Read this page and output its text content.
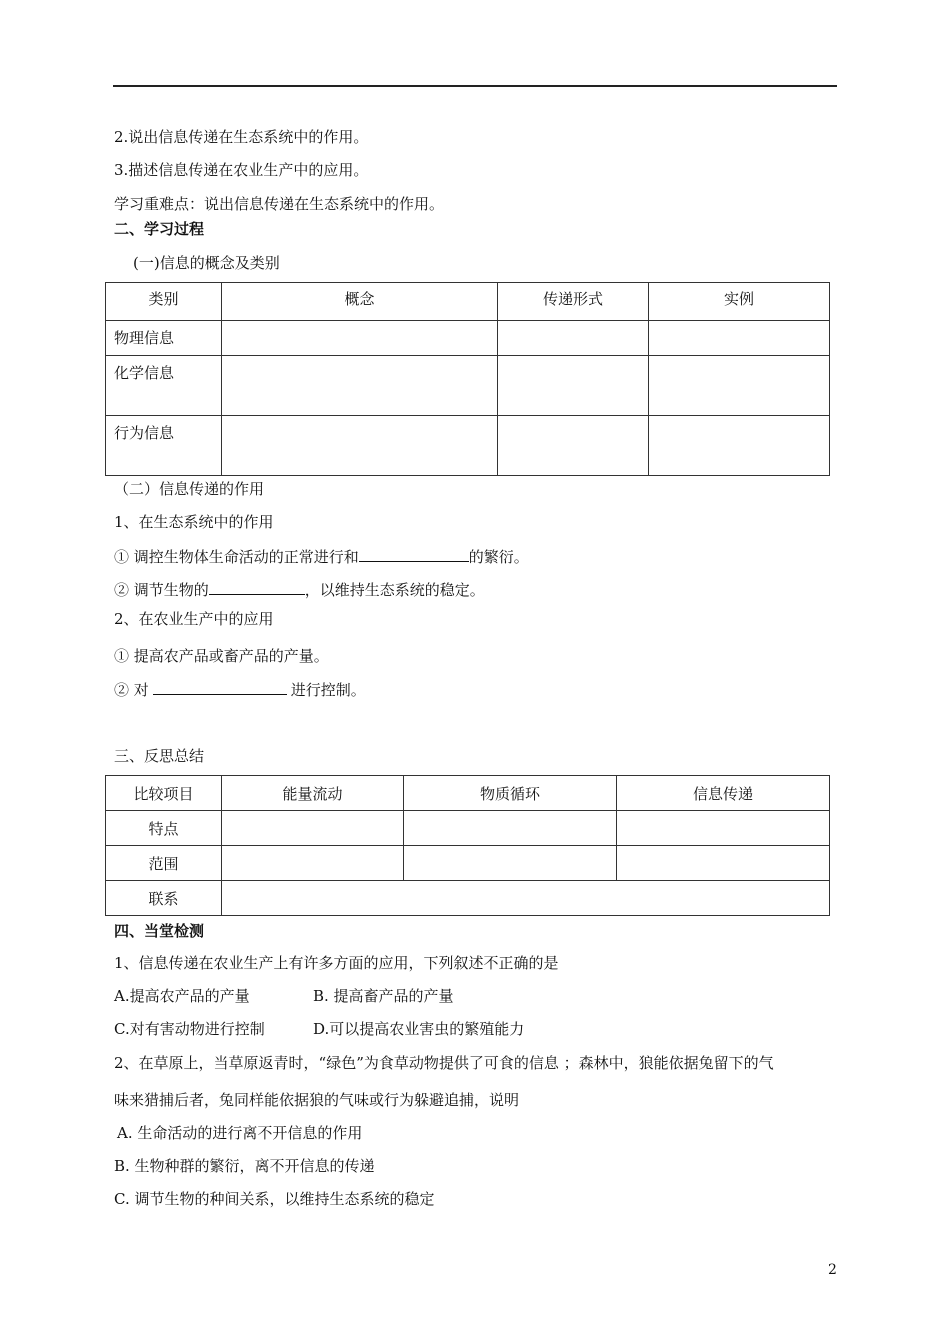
2.说出信息传递在生态系统中的作用。
3.描述信息传递在农业生产中的应用。
学习重难点：说出信息传递在生态系统中的作用。
二、学习过程
(一)信息的概念及类别
类别	概念	传递形式	实例
物理信息			
化学信息			
行为信息			
（二）信息传递的作用
1、在生态系统中的作用
① 调控生物体生命活动的正常进行和	的繁衍。
② 调节生物的	，以维持生态系统的稳定。
2、在农业生产中的应用
① 提高农产品或畜产品的产量。
② 对	进行控制。
三、反思总结
比较项目	能量流动	物质循环	信息传递
特点			
范围			
联系			
四、当堂检测
1、信息传递在农业生产上有许多方面的应用，下列叙述不正确的是
A.提高农产品的产量	B. 提高畜产品的产量
C.对有害动物进行控制	D.可以提高农业害虫的繁殖能力
2、在草原上，当草原返青时，“绿色”为食草动物提供了可食的信息 ；森林中，狼能依据兔留下的气
味来猎捕后者，兔同样能依据狼的气味或行为躲避追捕，说明
A. 生命活动的进行离不开信息的作用
B. 生物种群的繁衍，离不开信息的传递
C. 调节生物的种间关系，以维持生态系统的稳定
2
